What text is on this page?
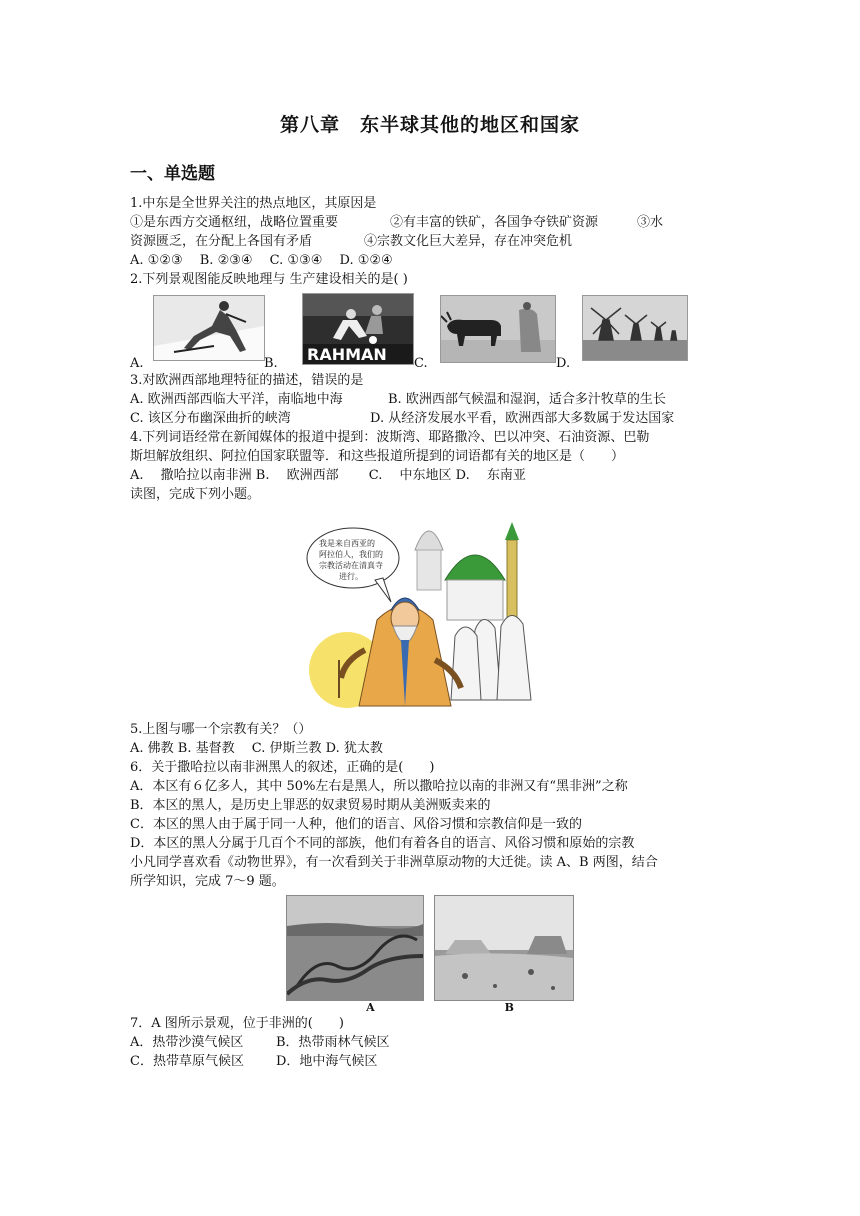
第八章　东半球其他的地区和国家
一、单选题
1.中东是全世界关注的热点地区，其原因是
①是东西方交通枢纽，战略位置重要　　　　②有丰富的铁矿，各国争夺铁矿资源　　　③水
资源匮乏，在分配上各国有矛盾　　　　④宗教文化巨大差异，存在冲突危机
A. ①②③　 B. ②③④　 C. ①③④　 D. ①②④
2.下列景观图能反映地理与 生产建设相关的是( )
A.	B. RAHMAN C.	D.
3.对欧洲西部地理特征的描述，错误的是
A. 欧洲西部西临大平洋，南临地中海	B. 欧洲西部气候温和湿润，适合多汁牧草的生长
C. 该区分布幽深曲折的峡湾	D. 从经济发展水平看，欧洲西部大多数属于发达国家
4.下列词语经常在新闻媒体的报道中提到：波斯湾、耶路撒冷、巴以冲突、石油资源、巴勒
斯坦解放组织、阿拉伯国家联盟等．和这些报道所提到的词语都有关的地区是（　　）
A.　 撒哈拉以南非洲 B.　 欧洲西部　　 C.　 中东地区 D.　 东南亚
读图，完成下列小题。
我是来自西亚的
阿拉伯人，我们的
宗教活动在清真寺
进行。
5.上图与哪一个宗教有关？（）
A. 佛教 B. 基督教　 C. 伊斯兰教 D. 犹太教
6．关于撒哈拉以南非洲黑人的叙述，正确的是(　　)
A．本区有６亿多人，其中 50%左右是黑人，所以撒哈拉以南的非洲又有“黑非洲”之称
B．本区的黑人，是历史上罪恶的奴隶贸易时期从美洲贩卖来的
C．本区的黑人由于属于同一人种，他们的语言、风俗习惯和宗教信仰是一致的
D．本区的黑人分属于几百个不同的部族，他们有着各自的语言、风俗习惯和原始的宗教
小凡同学喜欢看《动物世界》，有一次看到关于非洲草原动物的大迁徙。读 A、B 两图，结合
所学知识，完成 7～9 题。
A	B
7．A 图所示景观，位于非洲的(　　)
A．热带沙漠气候区	B．热带雨林气候区
C．热带草原气候区	D．地中海气候区
